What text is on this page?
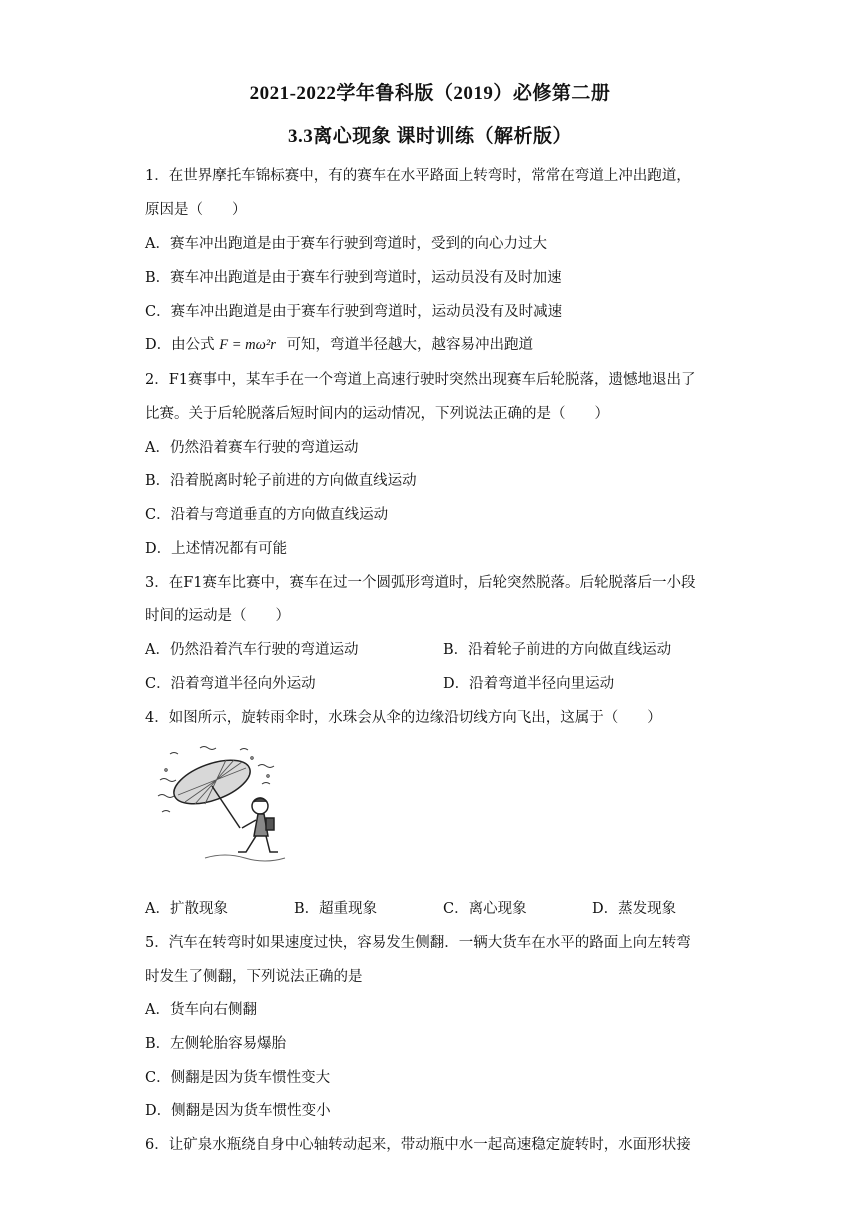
2021-2022学年鲁科版（2019）必修第二册
3.3离心现象 课时训练（解析版）
1．在世界摩托车锦标赛中，有的赛车在水平路面上转弯时，常常在弯道上冲出跑道，
原因是（　　）
A．赛车冲出跑道是由于赛车行驶到弯道时，受到的向心力过大
B．赛车冲出跑道是由于赛车行驶到弯道时，运动员没有及时加速
C．赛车冲出跑道是由于赛车行驶到弯道时，运动员没有及时减速
D．由公式 F = mω²r 可知，弯道半径越大，越容易冲出跑道
2．F1赛事中，某车手在一个弯道上高速行驶时突然出现赛车后轮脱落，遗憾地退出了
比赛。关于后轮脱落后短时间内的运动情况，下列说法正确的是（　　）
A．仍然沿着赛车行驶的弯道运动
B．沿着脱离时轮子前进的方向做直线运动
C．沿着与弯道垂直的方向做直线运动
D．上述情况都有可能
3．在F1赛车比赛中，赛车在过一个圆弧形弯道时，后轮突然脱落。后轮脱落后一小段
时间的运动是（　　）
A．仍然沿着汽车行驶的弯道运动	B．沿着轮子前进的方向做直线运动
C．沿着弯道半径向外运动	D．沿着弯道半径向里运动
4．如图所示，旋转雨伞时，水珠会从伞的边缘沿切线方向飞出，这属于（　　）
A．扩散现象	B．超重现象	C．离心现象	D．蒸发现象
5．汽车在转弯时如果速度过快，容易发生侧翻．一辆大货车在水平的路面上向左转弯
时发生了侧翻，下列说法正确的是
A．货车向右侧翻
B．左侧轮胎容易爆胎
C．侧翻是因为货车惯性变大
D．侧翻是因为货车惯性变小
6．让矿泉水瓶绕自身中心轴转动起来，带动瓶中水一起高速稳定旋转时，水面形状接
